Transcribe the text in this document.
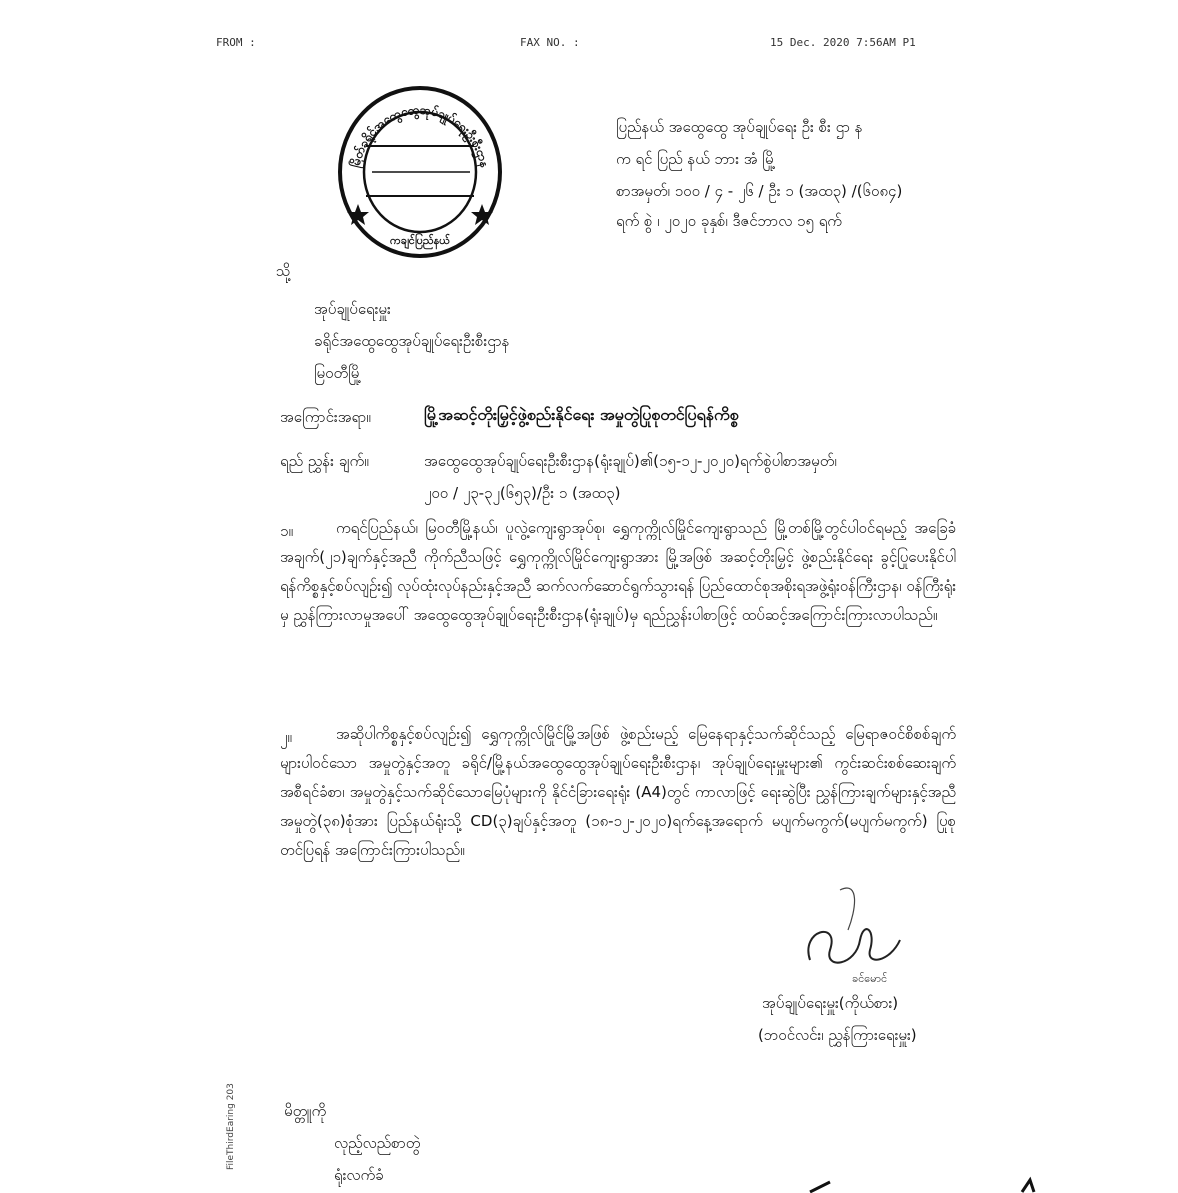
FROM :	FAX NO. :	15 Dec. 2020 7:56AM P1
မြိတ်ခရိုင်အထွေထွေအုပ်ချုပ်ရေးဦးစီးဌာန
ကချင်ပြည်နယ်
ပြည်နယ် အထွေထွေ အုပ်ချုပ်ရေး ဦး စီး ဌာ န
က ရင် ပြည် နယ် ဘား အံ မြို့
စာအမှတ်၊ ၁၀၀ / ၄ - ၂၆ / ဦး ၁ (အထ၃) /(၆၀၈၄)
ရက် စွဲ ၊ ၂၀၂၀ ခုနှစ်၊ ဒီဇင်ဘာလ ၁၅ ရက်
သို့
အုပ်ချုပ်ရေးမှူး
ခရိုင်အထွေထွေအုပ်ချုပ်ရေးဦးစီးဌာန
မြဝတီမြို့
အကြောင်းအရာ။	မြို့အဆင့်တိုးမြှင့်ဖွဲ့စည်းနိုင်ရေး အမှုတွဲပြုစုတင်ပြရန်ကိစ္စ
ရည် ညွှန်း ချက်။	အထွေထွေအုပ်ချုပ်ရေးဦးစီးဌာန(ရုံးချုပ်)၏(၁၅-၁၂-၂၀၂၀)ရက်စွဲပါစာအမှတ်၊
၂၀၀ / ၂၃-၃၂(၆၅၃)/ဦး ၁ (အထ၃)
၁။	ကရင်ပြည်နယ်၊ မြဝတီမြို့နယ်၊ ပူလွဲ့ကျေးရွာအုပ်စု၊ ရွှေကုက္ကိုလ်မြိုင်ကျေးရွာသည် မြို့တစ်မြို့တွင်ပါဝင်ရမည့် အခြေခံအချက်(၂၁)ချက်နှင့်အညီ ကိုက်ညီသဖြင့် ရွှေကုက္ကိုလ်မြိုင်ကျေးရွာအား မြို့အဖြစ် အဆင့်တိုးမြှင့် ဖွဲ့စည်းနိုင်ရေး ခွင့်ပြုပေးနိုင်ပါရန်ကိစ္စနှင့်စပ်လျဉ်း၍ လုပ်ထုံးလုပ်နည်းနှင့်အညီ ဆက်လက်ဆောင်ရွက်သွားရန် ပြည်ထောင်စုအစိုးရအဖွဲ့ရုံး၀န်ကြီးဌာန၊ ၀န်ကြီးရုံးမှ ညွှန်ကြားလာမှုအပေါ် အထွေထွေအုပ်ချုပ်ရေးဦးစီးဌာန(ရုံးချုပ်)မှ ရည်ညွှန်းပါစာဖြင့် ထပ်ဆင့်အကြောင်းကြားလာပါသည်။
၂။	အဆိုပါကိစ္စနှင့်စပ်လျဉ်း၍ ရွှေကုက္ကိုလ်မြိုင်မြို့အဖြစ် ဖွဲ့စည်းမည့် မြေနေရာနှင့်သက်ဆိုင်သည့် မြေရာဇ၀င်စိစစ်ချက်များပါ၀င်သော အမှုတွဲနှင့်အတူ ခရိုင်/မြို့နယ်အထွေထွေအုပ်ချုပ်ရေးဦးစီးဌာန၊ အုပ်ချုပ်ရေးမှူးများ၏ ကွင်းဆင်းစစ်ဆေးချက် အစီရင်ခံစာ၊ အမှုတွဲနှင့်သက်ဆိုင်သောမြေပုံများကို နိုင်ငံခြားရေးရုံး (A4)တွင် ကာလာဖြင့် ရေးဆွဲပြီး ညွှန်ကြားချက်များနှင့်အညီ အမှုတွဲ(၃၈)စုံအား ပြည်နယ်ရုံးသို့ CD(၃)ချပ်နှင့်အတူ (၁၈-၁၂-၂၀၂၀)ရက်နေ့အရောက် မပျက်မကွက်(မပျက်မကွက်) ပြုစုတင်ပြရန် အကြောင်းကြားပါသည်။
ခင်မောင်
အုပ်ချုပ်ရေးမှူး(ကိုယ်စား)
(ဘဝင်လင်း၊ ညွှန်ကြားရေးမှူး)
မိတ္တူကို
လုည့်လည်စာတွဲ
ရုံးလက်ခံ
FileThirdEaring 203
